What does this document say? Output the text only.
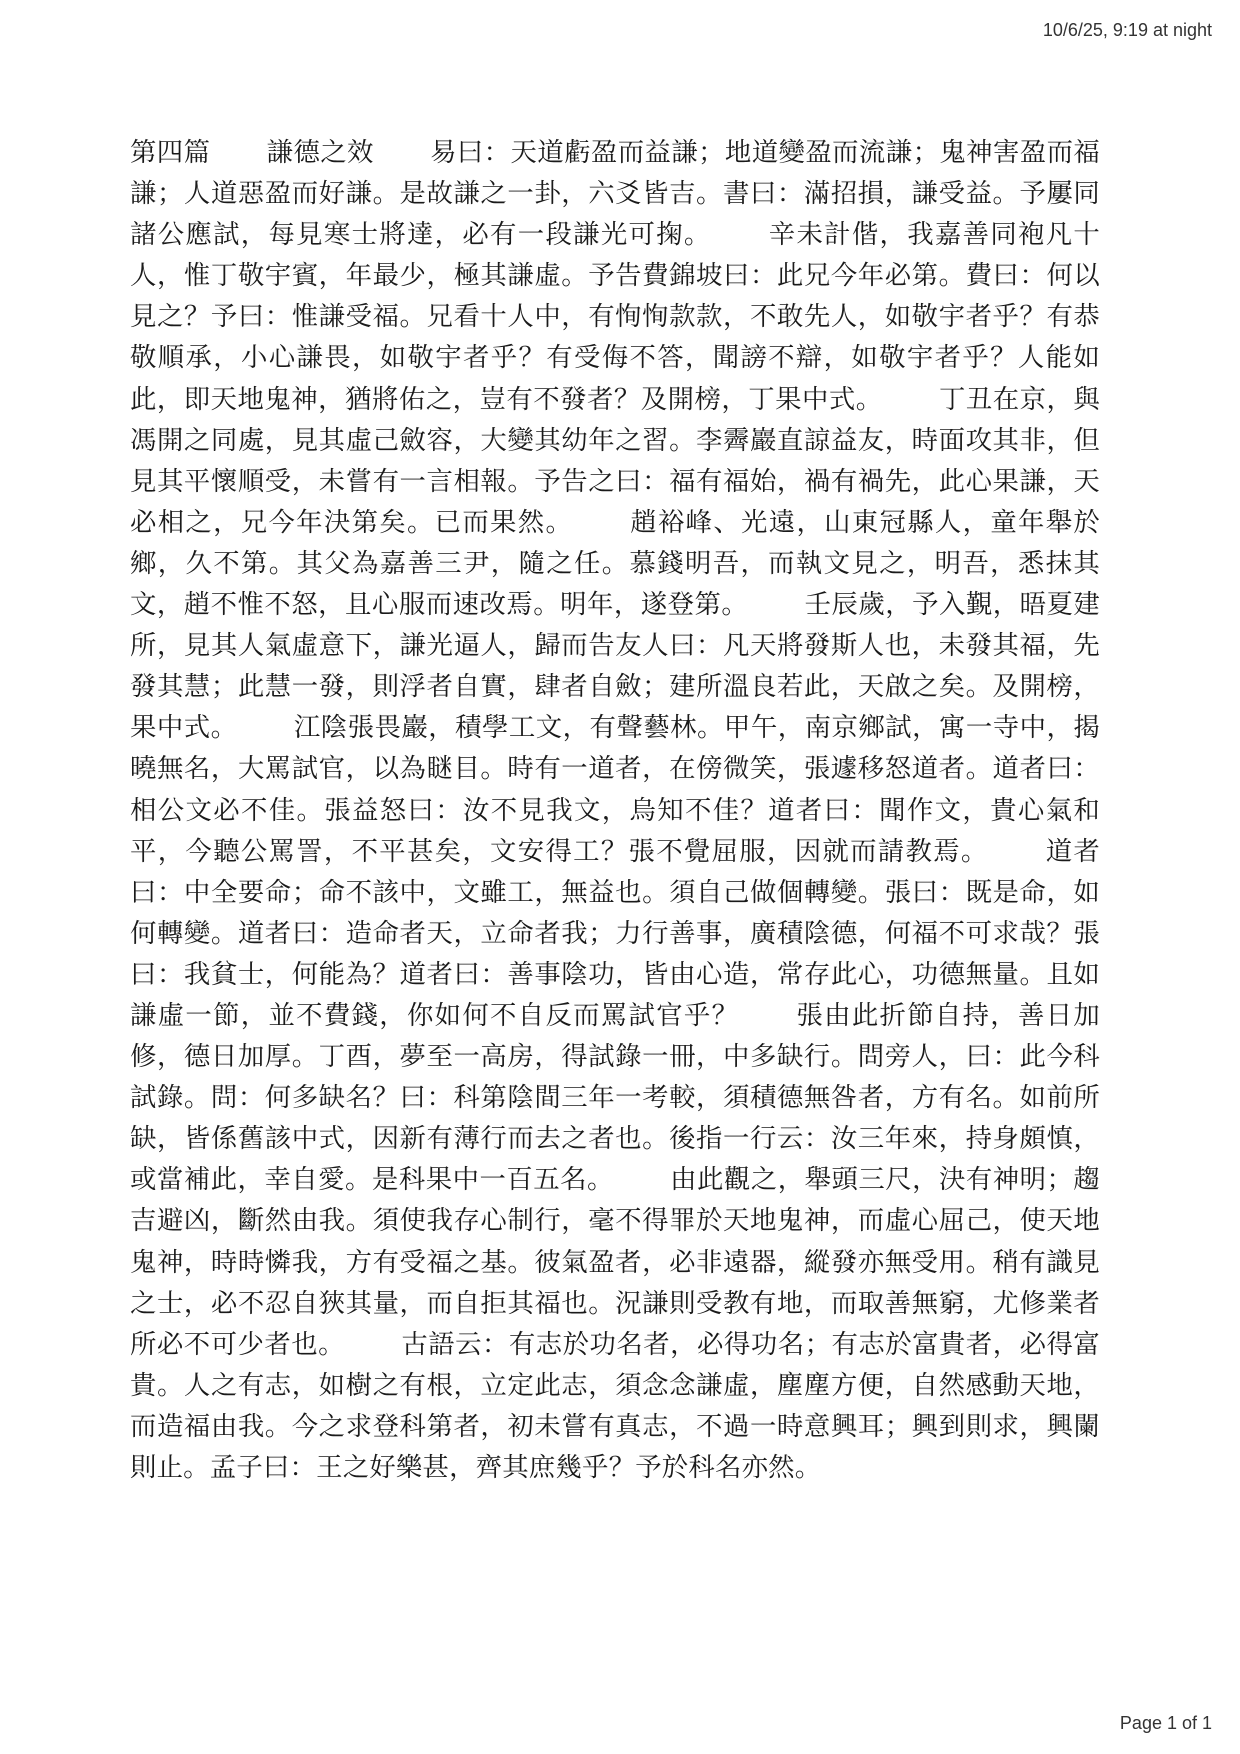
10/6/25, 9:19 at night
第四篇 謙德之效 易曰：天道虧盈而益謙；地道變盈而流謙；鬼神害盈而福謙；人道惡盈而好謙。是故謙之一卦，六爻皆吉。書曰：滿招損，謙受益。予屢同諸公應試，每見寒士將達，必有一段謙光可掬。 辛未計偕，我嘉善同袍凡十人，惟丁敬宇賓，年最少，極其謙虛。予告費錦坡曰：此兄今年必第。費曰：何以見之？予曰：惟謙受福。兄看十人中，有恂恂款款，不敢先人，如敬宇者乎？有恭敬順承，小心謙畏，如敬宇者乎？有受侮不答，聞謗不辯，如敬宇者乎？人能如此，即天地鬼神，猶將佑之，豈有不發者？及開榜，丁果中式。 丁丑在京，與馮開之同處，見其虛己斂容，大變其幼年之習。李霽巖直諒益友，時面攻其非，但見其平懷順受，未嘗有一言相報。予告之曰：福有福始，禍有禍先，此心果謙，天必相之，兄今年決第矣。已而果然。 趙裕峰、光遠，山東冠縣人，童年舉於鄉，久不第。其父為嘉善三尹，隨之任。慕錢明吾，而執文見之，明吾，悉抹其文，趙不惟不怒，且心服而速改焉。明年，遂登第。 壬辰歲，予入覲，晤夏建所，見其人氣虛意下，謙光逼人，歸而告友人曰：凡天將發斯人也，未發其福，先發其慧；此慧一發，則浮者自實，肆者自斂；建所溫良若此，天啟之矣。及開榜，果中式。 江陰張畏巖，積學工文，有聲藝林。甲午，南京鄉試，寓一寺中，揭曉無名，大罵試官，以為瞇目。時有一道者，在傍微笑，張遽移怒道者。道者曰：相公文必不佳。張益怒曰：汝不見我文，烏知不佳？道者曰：聞作文，貴心氣和平，今聽公罵詈，不平甚矣，文安得工？張不覺屈服，因就而請教焉。 道者曰：中全要命；命不該中，文雖工，無益也。須自己做個轉變。張曰：既是命，如何轉變。道者曰：造命者天，立命者我；力行善事，廣積陰德，何福不可求哉？張曰：我貧士，何能為？道者曰：善事陰功，皆由心造，常存此心，功德無量。且如謙虛一節，並不費錢，你如何不自反而罵試官乎？ 張由此折節自持，善日加修，德日加厚。丁酉，夢至一高房，得試錄一冊，中多缺行。問旁人，曰：此今科試錄。問：何多缺名？曰：科第陰間三年一考較，須積德無咎者，方有名。如前所缺，皆係舊該中式，因新有薄行而去之者也。後指一行云：汝三年來，持身頗慎，或當補此，幸自愛。是科果中一百五名。 由此觀之，舉頭三尺，決有神明；趨吉避凶，斷然由我。須使我存心制行，毫不得罪於天地鬼神，而虛心屈己，使天地鬼神，時時憐我，方有受福之基。彼氣盈者，必非遠器，縱發亦無受用。稍有識見之士，必不忍自狹其量，而自拒其福也。況謙則受教有地，而取善無窮，尤修業者所必不可少者也。 古語云：有志於功名者，必得功名；有志於富貴者，必得富貴。人之有志，如樹之有根，立定此志，須念念謙虛，塵塵方便，自然感動天地，而造福由我。今之求登科第者，初未嘗有真志，不過一時意興耳；興到則求，興闌則止。孟子曰：王之好樂甚，齊其庶幾乎？予於科名亦然。
Page 1 of 1
